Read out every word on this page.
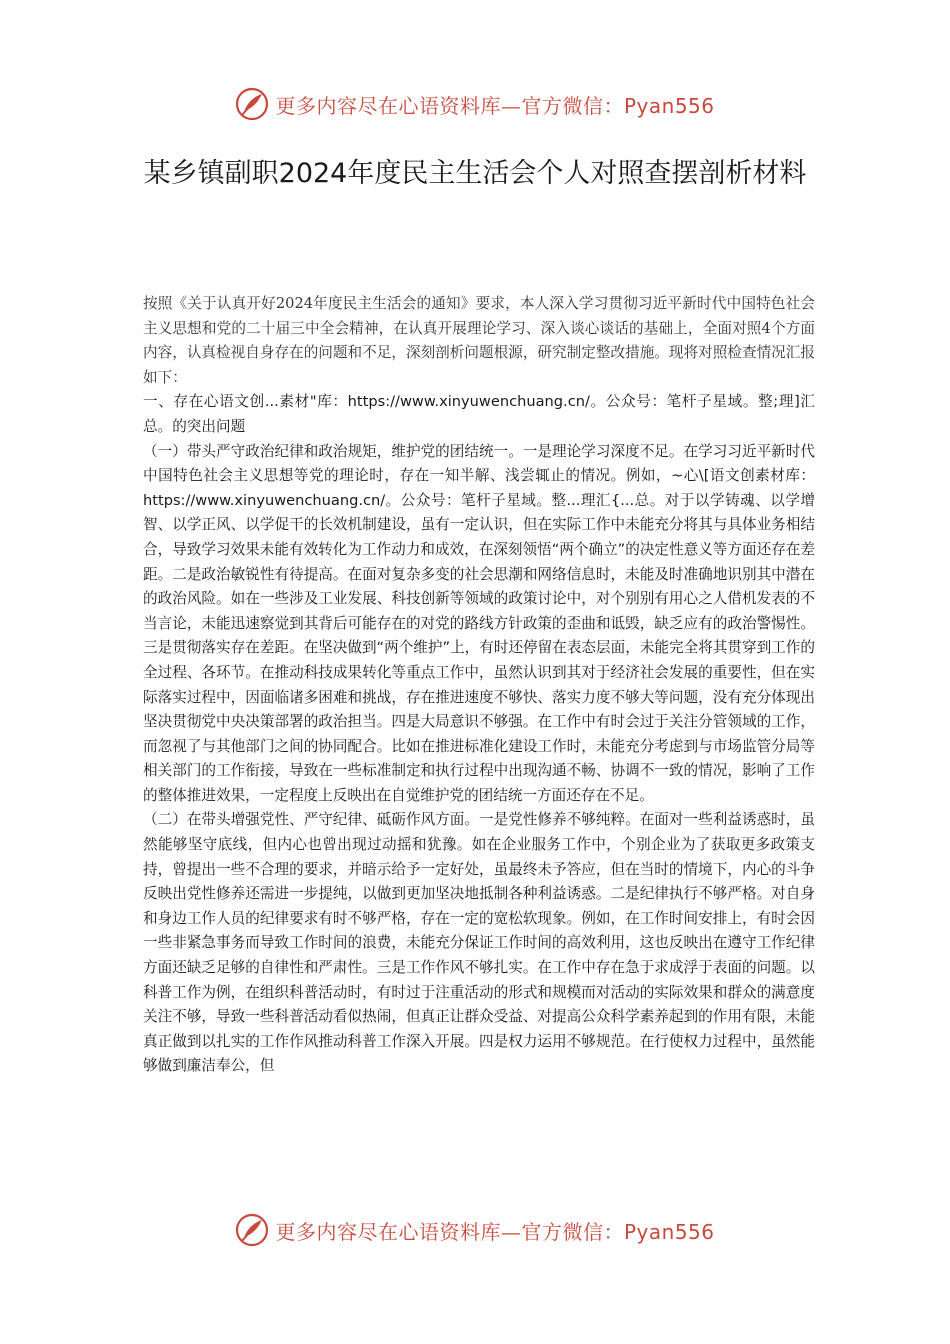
更多内容尽在心语资料库—官方微信：Pyan556
某乡镇副职2024年度民主生活会个人对照查摆剖析材料

按照《关于认真开好2024年度民主生活会的通知》要求，本人深入学习贯彻习近平新时代中国特色社会主义思想和党的二十届三中全会精神，在认真开展理论学习、深入谈心谈话的基础上，全面对照4个方面内容，认真检视自身存在的问题和不足，深刻剖析问题根源，研究制定整改措施。现将对照检查情况汇报如下：

一、存在心语文创...素材"库：https://www.xinyuwenchuang.cn/。公众号：笔杆子星域。整;理]汇总。的突出问题

（一）带头严守政治纪律和政治规矩，维护党的团结统一。一是理论学习深度不足。在学习习近平新时代中国特色社会主义思想等党的理论时，存在一知半解、浅尝辄止的情况。例如，~心\[语文创素材库：https://www.xinyuwenchuang.cn/。公众号：笔杆子星域。整...理汇{...总。对于以学铸魂、以学增智、以学正风、以学促干的长效机制建设，虽有一定认识，但在实际工作中未能充分将其与具体业务相结合，导致学习效果未能有效转化为工作动力和成效，在深刻领悟“两个确立”的决定性意义等方面还存在差距。二是政治敏锐性有待提高。在面对复杂多变的社会思潮和网络信息时，未能及时准确地识别其中潜在的政治风险。如在一些涉及工业发展、科技创新等领域的政策讨论中，对个别别有用心之人借机发表的不当言论，未能迅速察觉到其背后可能存在的对党的路线方针政策的歪曲和诋毁，缺乏应有的政治警惕性。三是贯彻落实存在差距。在坚决做到“两个维护”上，有时还停留在表态层面，未能完全将其贯穿到工作的全过程、各环节。在推动科技成果转化等重点工作中，虽然认识到其对于经济社会发展的重要性，但在实际落实过程中，因面临诸多困难和挑战，存在推进速度不够快、落实力度不够大等问题，没有充分体现出坚决贯彻党中央决策部署的政治担当。四是大局意识不够强。在工作中有时会过于关注分管领域的工作，而忽视了与其他部门之间的协同配合。比如在推进标准化建设工作时，未能充分考虑到与市场监管分局等相关部门的工作衔接，导致在一些标准制定和执行过程中出现沟通不畅、协调不一致的情况，影响了工作的整体推进效果，一定程度上反映出在自觉维护党的团结统一方面还存在不足。

（二）在带头增强党性、严守纪律、砥砺作风方面。一是党性修养不够纯粹。在面对一些利益诱惑时，虽然能够坚守底线，但内心也曾出现过动摇和犹豫。如在企业服务工作中，个别企业为了获取更多政策支持，曾提出一些不合理的要求，并暗示给予一定好处，虽最终未予答应，但在当时的情境下，内心的斗争反映出党性修养还需进一步提纯，以做到更加坚决地抵制各种利益诱惑。二是纪律执行不够严格。对自身和身边工作人员的纪律要求有时不够严格，存在一定的宽松软现象。例如，在工作时间安排上，有时会因一些非紧急事务而导致工作时间的浪费，未能充分保证工作时间的高效利用，这也反映出在遵守工作纪律方面还缺乏足够的自律性和严肃性。三是工作作风不够扎实。在工作中存在急于求成浮于表面的问题。以科普工作为例，在组织科普活动时，有时过于注重活动的形式和规模而对活动的实际效果和群众的满意度关注不够，导致一些科普活动看似热闹，但真正让群众受益、对提高公众科学素养起到的作用有限，未能真正做到以扎实的工作作风推动科普工作深入开展。四是权力运用不够规范。在行使权力过程中，虽然能够做到廉洁奉公，但

更多内容尽在心语资料库—官方微信：Pyan556
